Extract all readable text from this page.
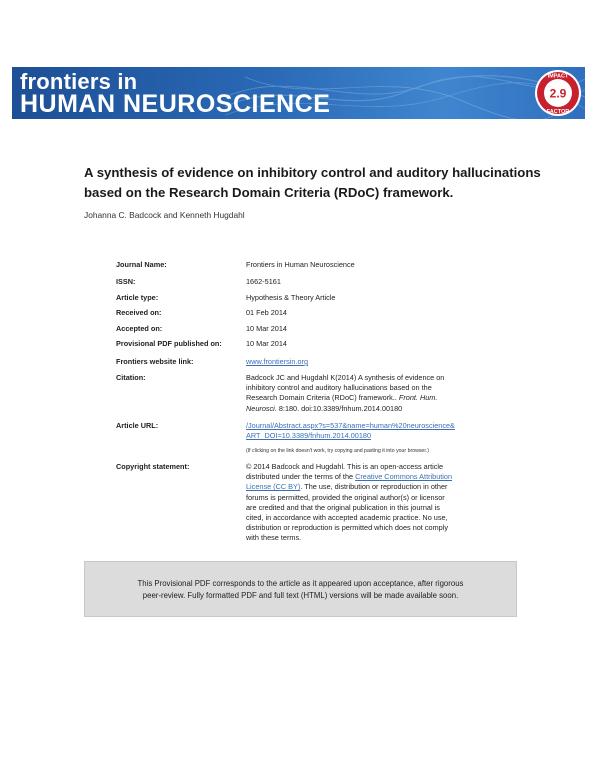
frontiers in
HUMAN NEUROSCIENCE
IMPACT
2.9
FACTOR
A synthesis of evidence on inhibitory control and auditory hallucinations
based on the Research Domain Criteria (RDoC) framework.
Johanna C. Badcock and Kenneth Hugdahl
Journal Name:	Frontiers in Human Neuroscience
ISSN:	1662-5161
Article type:	Hypothesis & Theory Article
Received on:	01 Feb 2014
Accepted on:	10 Mar 2014
Provisional PDF published on:	10 Mar 2014
Frontiers website link:	www.frontiersin.org
Citation:	Badcock JC and Hugdahl K(2014) A synthesis of evidence on
inhibitory control and auditory hallucinations based on the
Research Domain Criteria (RDoC) framework.. Front. Hum.
Neurosci. 8:180. doi:10.3389/fnhum.2014.00180
Article URL:	/Journal/Abstract.aspx?s=537&name=human%20neuroscience&
ART_DOI=10.3389/fnhum.2014.00180
(If clicking on the link doesn't work, try copying and pasting it into your browser.)
Copyright statement:	© 2014 Badcock and Hugdahl. This is an open-access article
distributed under the terms of the Creative Commons Attribution
License (CC BY). The use, distribution or reproduction in other
forums is permitted, provided the original author(s) or licensor
are credited and that the original publication in this journal is
cited, in accordance with accepted academic practice. No use,
distribution or reproduction is permitted which does not comply
with these terms.
This Provisional PDF corresponds to the article as it appeared upon acceptance, after rigorous
peer-review. Fully formatted PDF and full text (HTML) versions will be made available soon.
